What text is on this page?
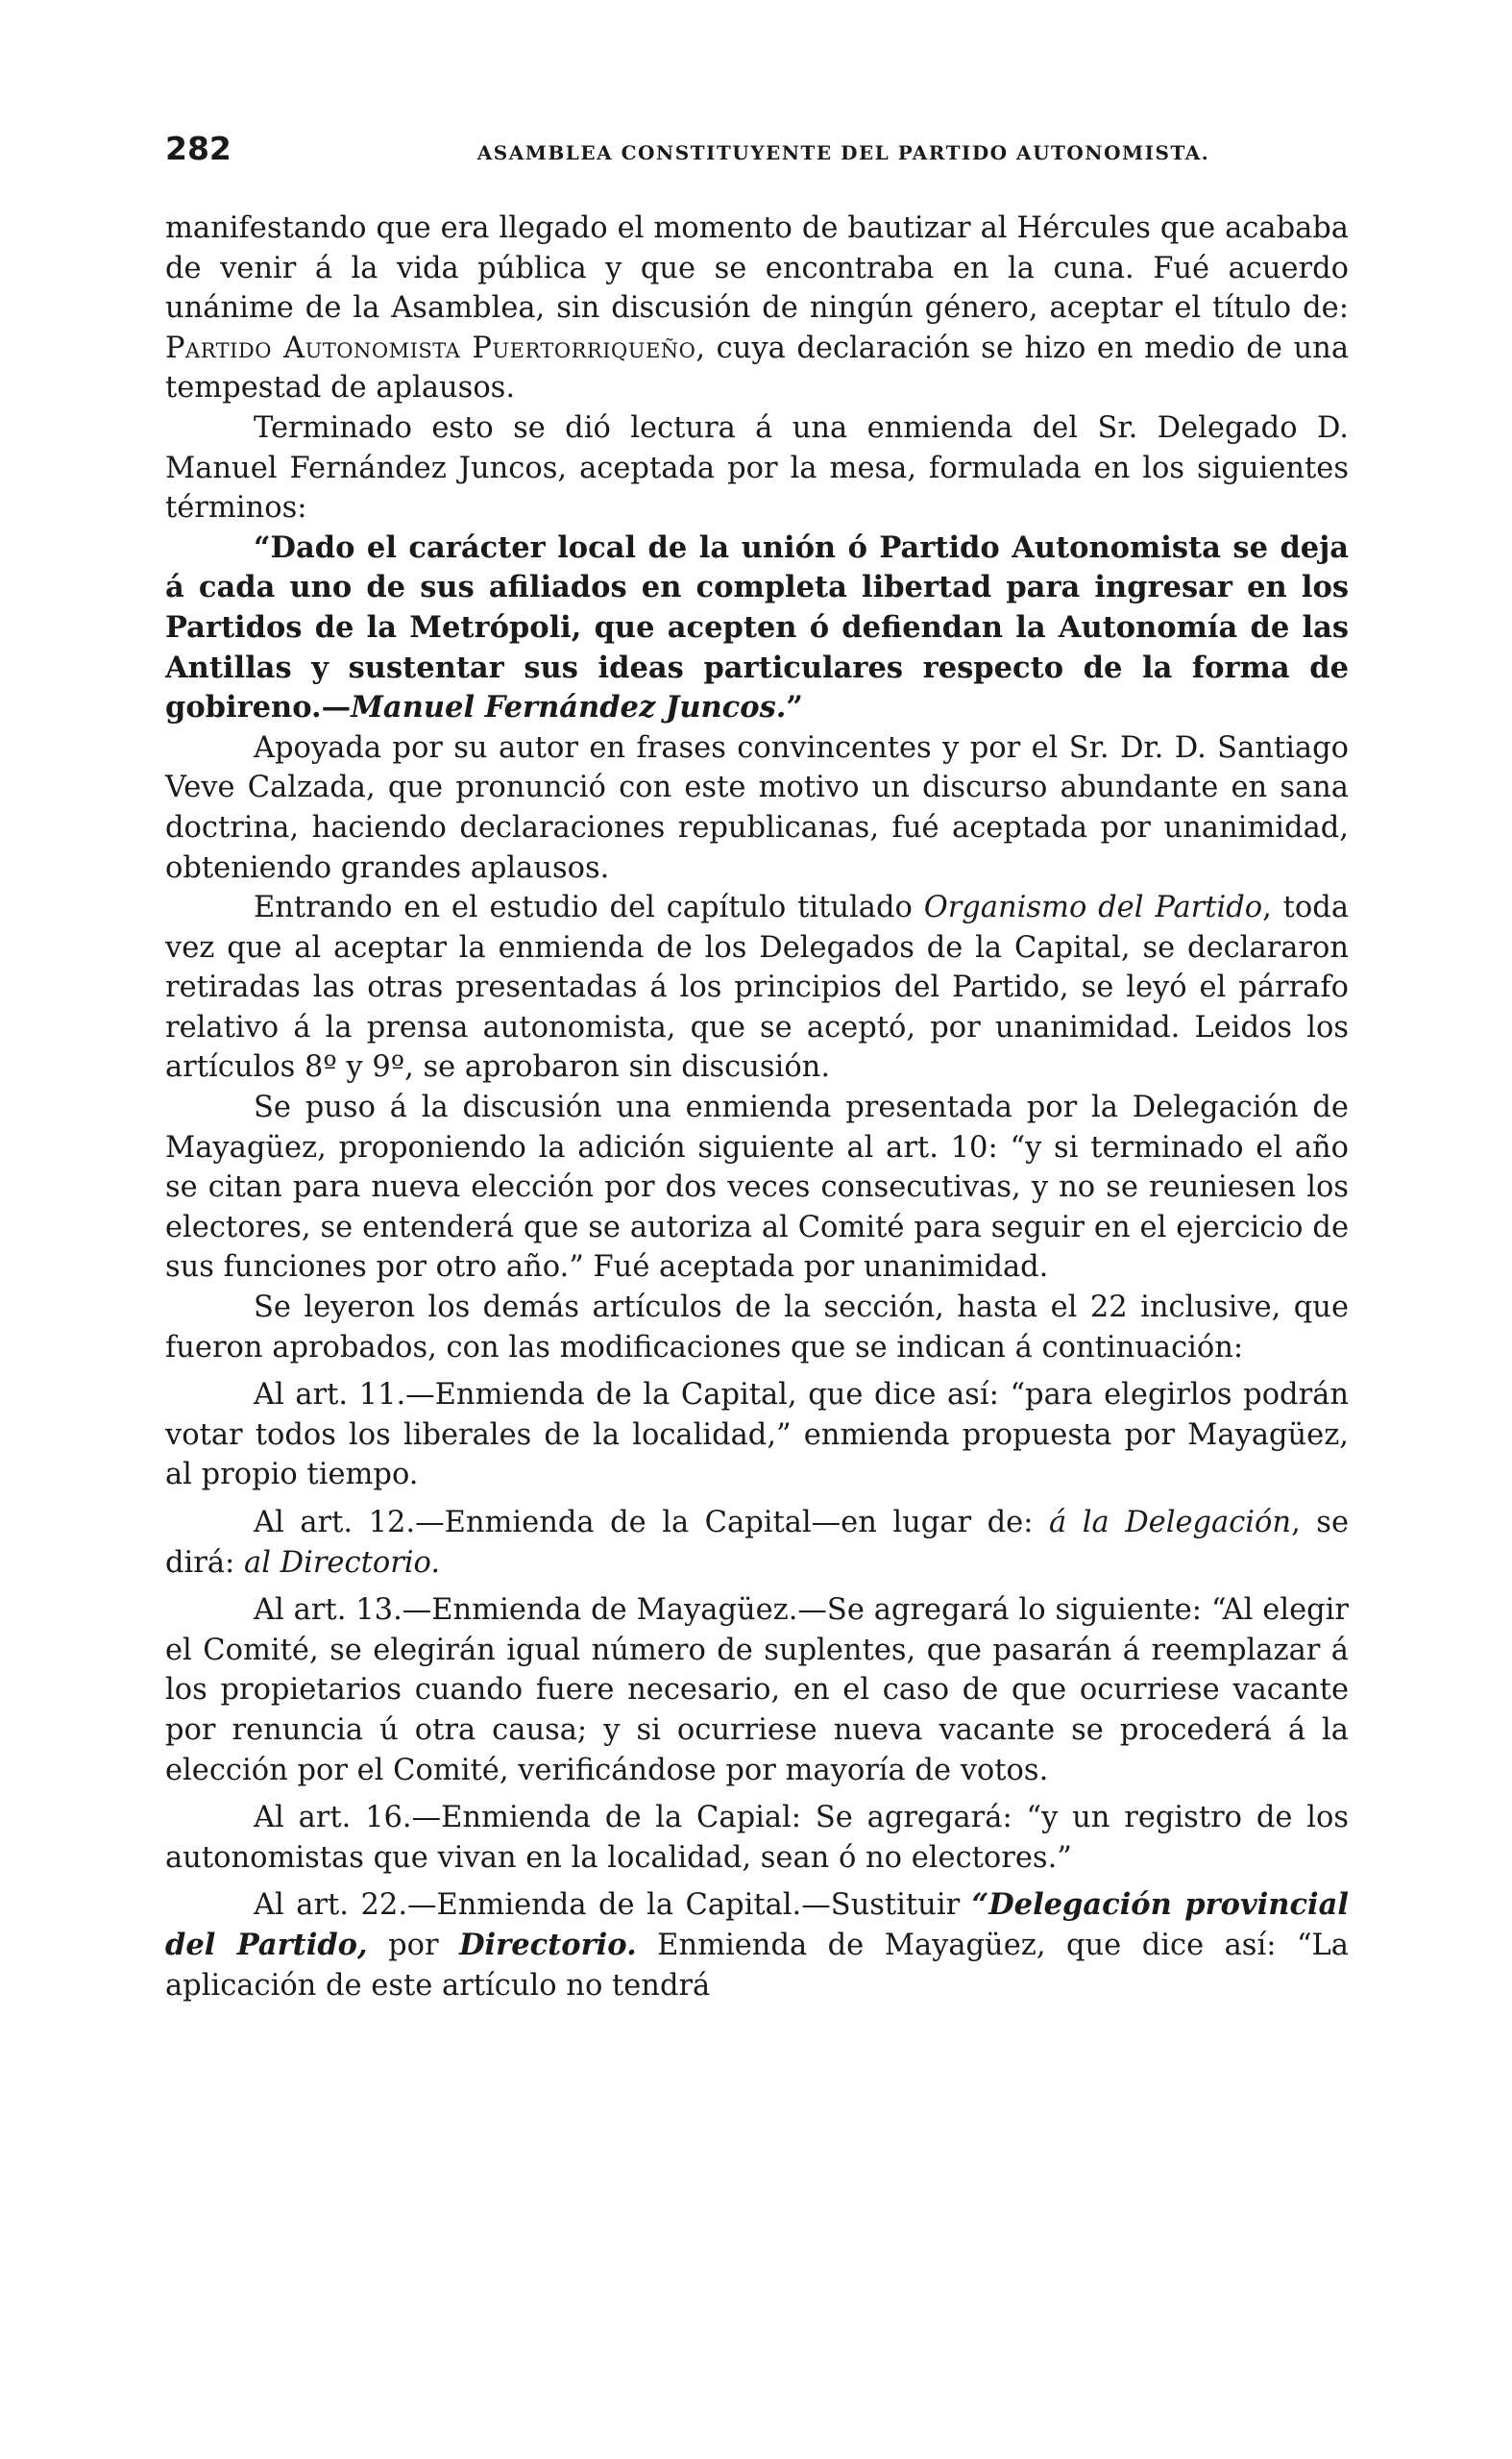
282	ASAMBLEA CONSTITUYENTE DEL PARTIDO AUTONOMISTA.

manifestando que era llegado el momento de bautizar al Hércules que acababa de venir á la vida pública y que se encontraba en la cuna. Fué acuerdo unánime de la Asamblea, sin discusión de ningún género, aceptar el título de: Partido Autonomista Puertorriqueño, cuya declaración se hizo en medio de una tempestad de aplausos.

Terminado esto se dió lectura á una enmienda del Sr. Delegado D. Manuel Fernández Juncos, aceptada por la mesa, formulada en los siguientes términos:

“Dado el carácter local de la unión ó Partido Autonomista se deja á cada uno de sus afiliados en completa libertad para ingresar en los Partidos de la Metrópoli, que acepten ó defiendan la Autonomía de las Antillas y sustentar sus ideas particulares respecto de la forma de gobireno.—Manuel Fernández Juncos.”

Apoyada por su autor en frases convincentes y por el Sr. Dr. D. Santiago Veve Calzada, que pronunció con este motivo un discurso abundante en sana doctrina, haciendo declaraciones republicanas, fué aceptada por unanimidad, obteniendo grandes aplausos.

Entrando en el estudio del capítulo titulado Organismo del Partido, toda vez que al aceptar la enmienda de los Delegados de la Capital, se declararon retiradas las otras presentadas á los principios del Partido, se leyó el párrafo relativo á la prensa autonomista, que se aceptó, por unanimidad. Leidos los artículos 8º y 9º, se aprobaron sin discusión.

Se puso á la discusión una enmienda presentada por la Delegación de Mayagüez, proponiendo la adición siguiente al art. 10: “y si terminado el año se citan para nueva elección por dos veces consecutivas, y no se reuniesen los electores, se entenderá que se autoriza al Comité para seguir en el ejercicio de sus funciones por otro año.” Fué aceptada por unanimidad.

Se leyeron los demás artículos de la sección, hasta el 22 inclusive, que fueron aprobados, con las modificaciones que se indican á continuación:

Al art. 11.—Enmienda de la Capital, que dice así: “para elegirlos podrán votar todos los liberales de la localidad,” enmienda propuesta por Mayagüez, al propio tiempo.

Al art. 12.—Enmienda de la Capital—en lugar de: á la Delegación, se dirá: al Directorio.

Al art. 13.—Enmienda de Mayagüez.—Se agregará lo siguiente: “Al elegir el Comité, se elegirán igual número de suplentes, que pasarán á reemplazar á los propietarios cuando fuere necesario, en el caso de que ocurriese vacante por renuncia ú otra causa; y si ocurriese nueva vacante se procederá á la elección por el Comité, verificándose por mayoría de votos.

Al art. 16.—Enmienda de la Capial: Se agregará: “y un registro de los autonomistas que vivan en la localidad, sean ó no electores.”

Al art. 22.—Enmienda de la Capital.—Sustituir “Delegación provincial del Partido, por Directorio. Enmienda de Mayagüez, que dice así: “La aplicación de este artículo no tendrá
